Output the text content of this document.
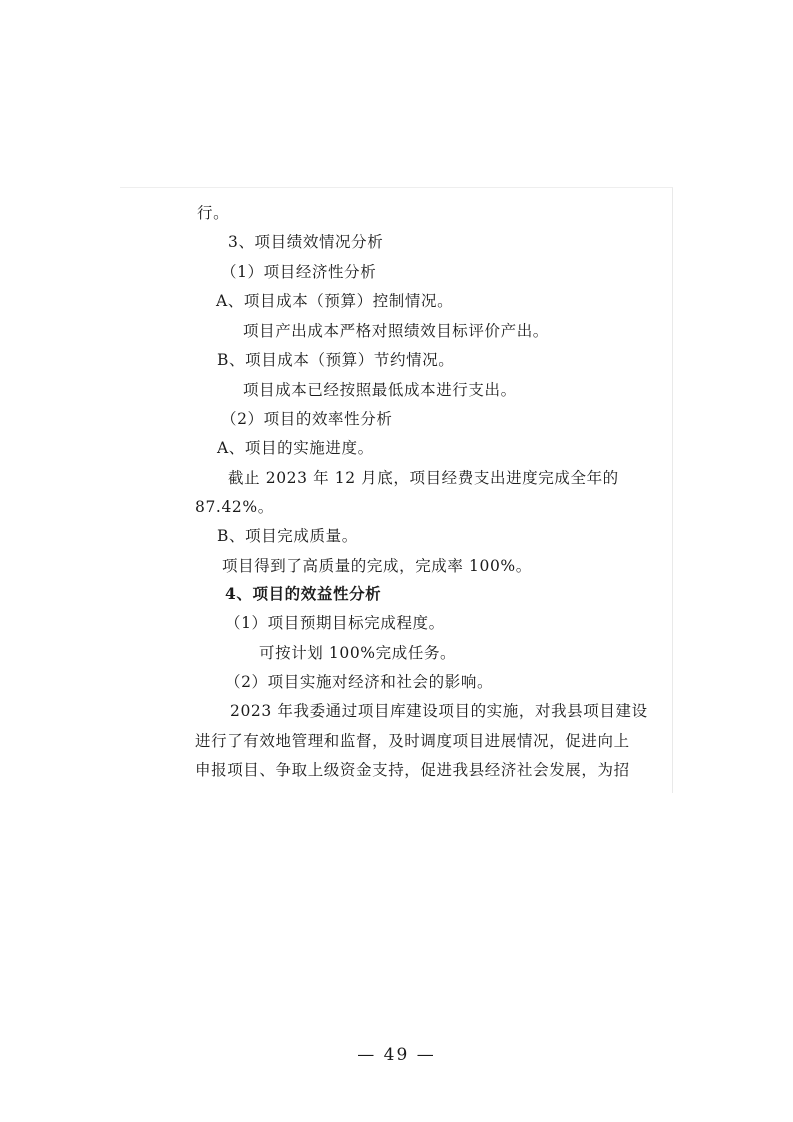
行。
3、项目绩效情况分析
（1）项目经济性分析
A、项目成本（预算）控制情况。
项目产出成本严格对照绩效目标评价产出。
B、项目成本（预算）节约情况。
项目成本已经按照最低成本进行支出。
（2）项目的效率性分析
A、项目的实施进度。
截止 2023 年 12 月底，项目经费支出进度完成全年的
87.42%。
B、项目完成质量。
项目得到了高质量的完成，完成率 100%。
4、项目的效益性分析
（1）项目预期目标完成程度。
可按计划 100%完成任务。
（2）项目实施对经济和社会的影响。
2023 年我委通过项目库建设项目的实施，对我县项目建设
进行了有效地管理和监督，及时调度项目进展情况，促进向上
申报项目、争取上级资金支持，促进我县经济社会发展，为招
— 49 —
